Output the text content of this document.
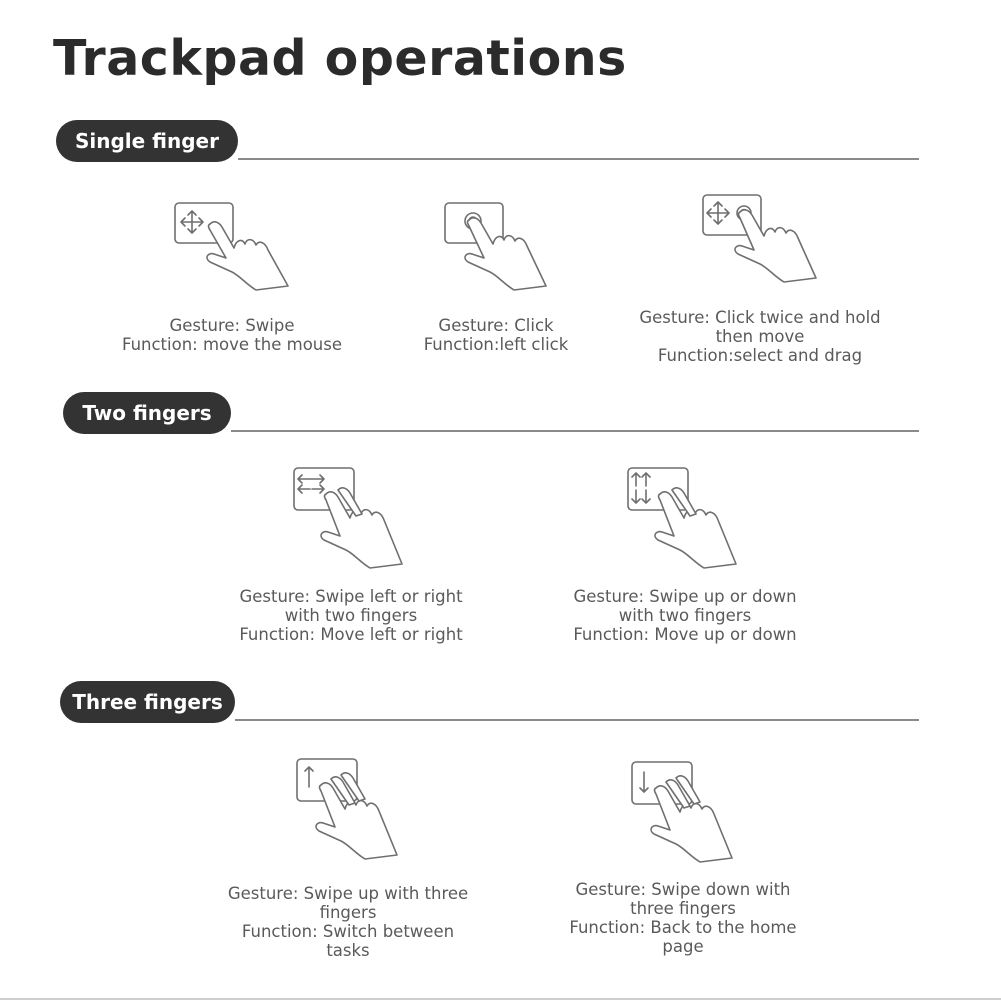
Trackpad operations
Single finger
Gesture: Swipe
Function: move the mouse
Gesture: Click
Function:left click
Gesture: Click twice and hold
then move
Function:select and drag
Two fingers
Gesture: Swipe left or right
with two fingers
Function: Move left or right
Gesture: Swipe up or down
with two fingers
Function: Move up or down
Three fingers
Gesture: Swipe up with three
fingers
Function: Switch between
tasks
Gesture: Swipe down with
three fingers
Function: Back to the home
page
